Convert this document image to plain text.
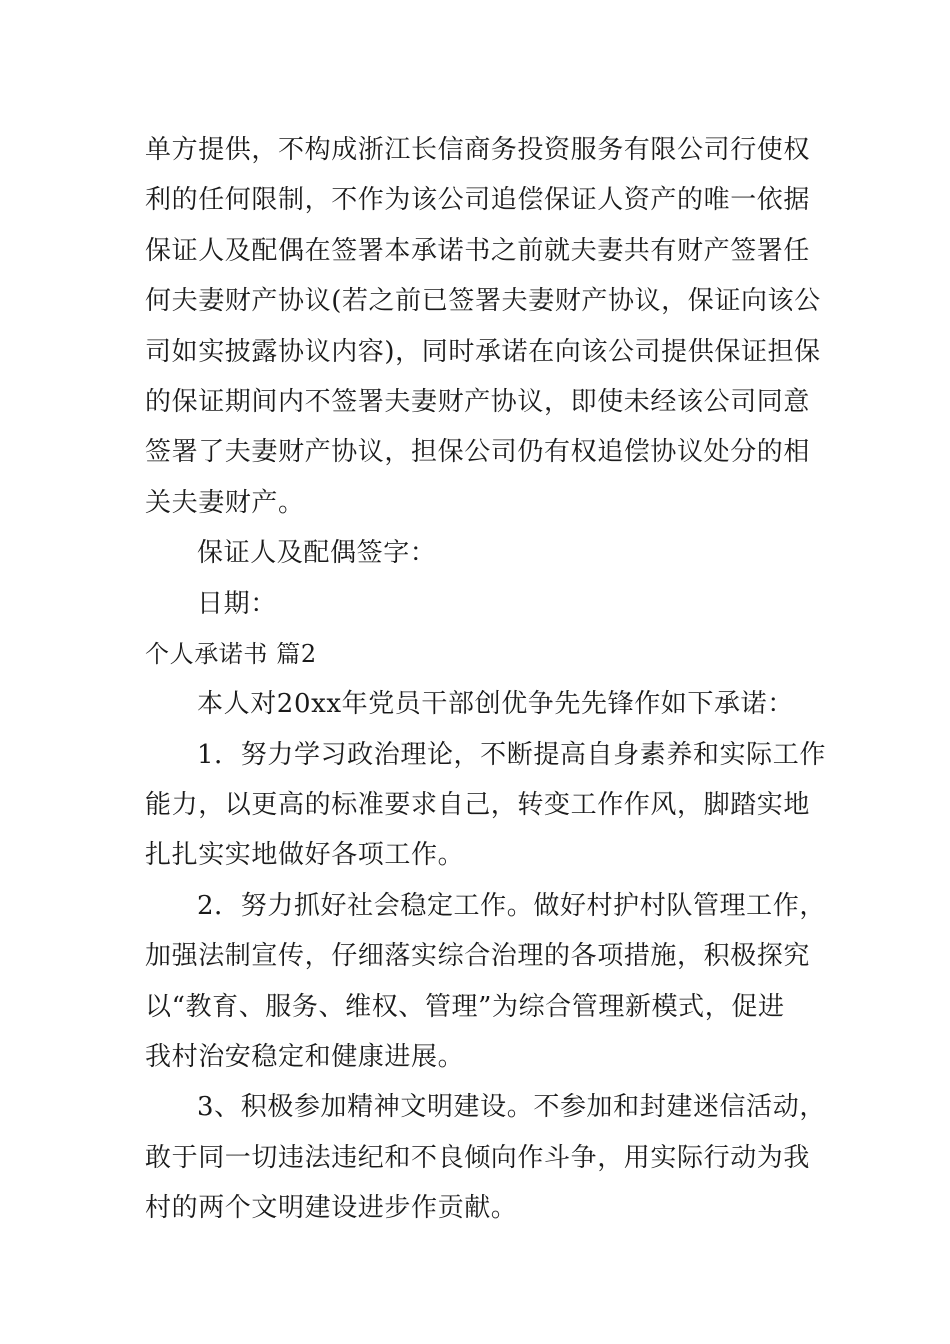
单方提供，不构成浙江长信商务投资服务有限公司行使权
利的任何限制，不作为该公司追偿保证人资产的唯一依据
保证人及配偶在签署本承诺书之前就夫妻共有财产签署任
何夫妻财产协议(若之前已签署夫妻财产协议，保证向该公
司如实披露协议内容)，同时承诺在向该公司提供保证担保
的保证期间内不签署夫妻财产协议，即使未经该公司同意
签署了夫妻财产协议，担保公司仍有权追偿协议处分的相
关夫妻财产。
保证人及配偶签字：
日期：
个人承诺书 篇2
本人对20xx年党员干部创优争先先锋作如下承诺：
1．努力学习政治理论，不断提高自身素养和实际工作
能力，以更高的标准要求自己，转变工作作风，脚踏实地
扎扎实实地做好各项工作。
2．努力抓好社会稳定工作。做好村护村队管理工作，
加强法制宣传，仔细落实综合治理的各项措施，积极探究
以“教育、服务、维权、管理”为综合管理新模式，促进
我村治安稳定和健康进展。
3、积极参加精神文明建设。不参加和封建迷信活动，
敢于同一切违法违纪和不良倾向作斗争，用实际行动为我
村的两个文明建设进步作贡献。
